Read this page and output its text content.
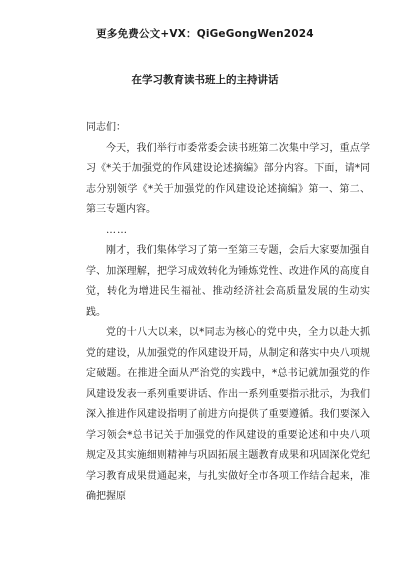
更多免费公文+VX：QiGeGongWen2024
在学习教育读书班上的主持讲话

同志们：

今天，我们举行市委常委会读书班第二次集中学习，重点学习《*关于加强党的作风建设论述摘编》部分内容。下面，请*同志分别领学《*关于加强党的作风建设论述摘编》第一、第二、第三专题内容。

……

刚才，我们集体学习了第一至第三专题，会后大家要加强自学、加深理解，把学习成效转化为锤炼党性、改进作风的高度自觉，转化为增进民生福祉、推动经济社会高质量发展的生动实践。

党的十八大以来，以*同志为核心的党中央，全力以赴大抓党的建设，从加强党的作风建设开局，从制定和落实中央八项规定破题。在推进全面从严治党的实践中，*总书记就加强党的作风建设发表一系列重要讲话、作出一系列重要指示批示，为我们深入推进作风建设指明了前进方向提供了重要遵循。我们要深入学习领会*总书记关于加强党的作风建设的重要论述和中央八项规定及其实施细则精神与巩固拓展主题教育成果和巩固深化党纪学习教育成果贯通起来，与扎实做好全市各项工作结合起来，准确把握原
